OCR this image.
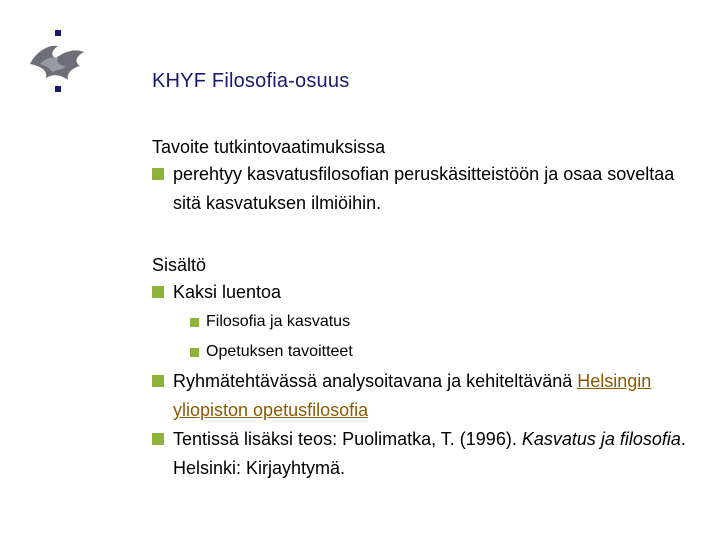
KHYF Filosofia-osuus
Tavoite tutkintovaatimuksissa
perehtyy kasvatusfilosofian peruskäsitteistöön ja osaa soveltaa sitä kasvatuksen ilmiöihin.
Sisältö
Kaksi luentoa
Filosofia ja kasvatus
Opetuksen tavoitteet
Ryhmätehtävässä analysoitavana ja kehiteltävänä Helsingin yliopiston opetusfilosofia
Tentissä lisäksi teos: Puolimatka, T. (1996). Kasvatus ja filosofia. Helsinki: Kirjayhtymä.
